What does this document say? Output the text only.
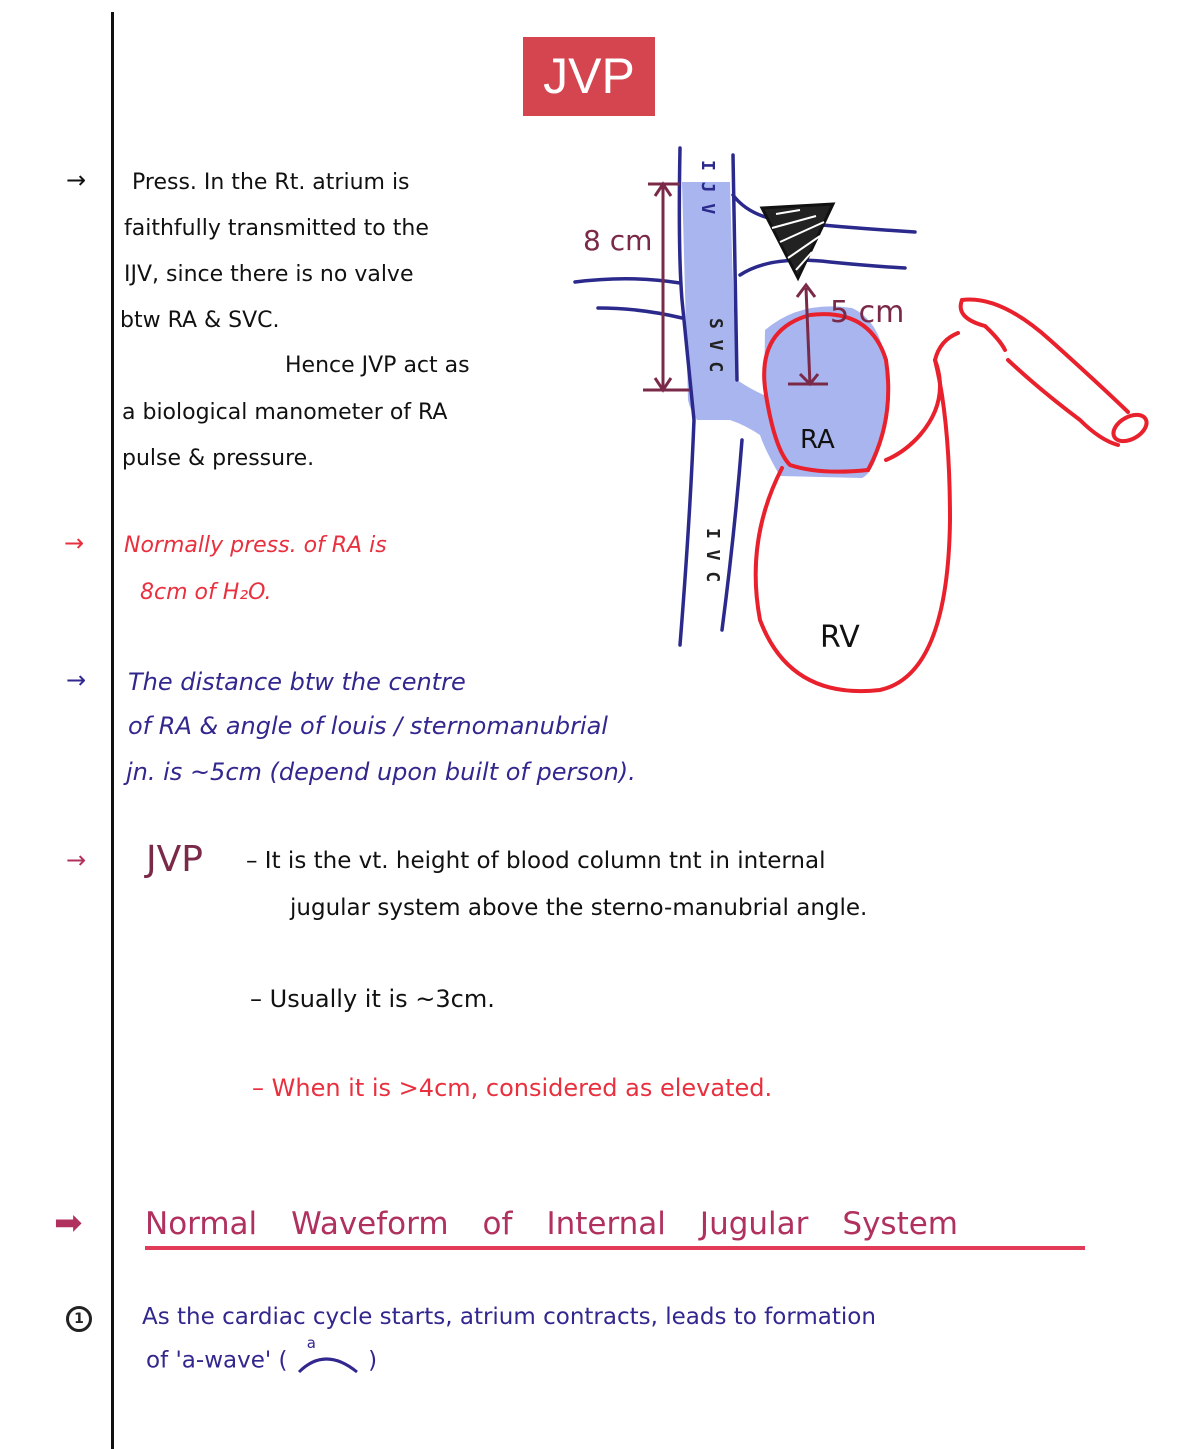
JVP
8 cm
5 cm
I J V
S V C
I V C
RA
RV
→ Press. In the Rt. atrium is
faithfully transmitted to the
IJV, since there is no valve
btw RA & SVC.
Hence JVP act as
a biological manometer of RA
pulse & pressure.
→ Normally press. of RA is
8cm of H₂O.
→ The distance btw the centre
of RA & angle of louis / sternomanubrial
jn. is ~5cm (depend upon built of person).
→ JVP – It is the vt. height of blood column tnt in internal
jugular system above the sterno-manubrial angle.
– Usually it is ~3cm.
– When it is >4cm, considered as elevated.
➡ Normal Waveform of Internal Jugular System
1	As the cardiac cycle starts, atrium contracts, leads to formation
of 'a-wave' (
a
)
